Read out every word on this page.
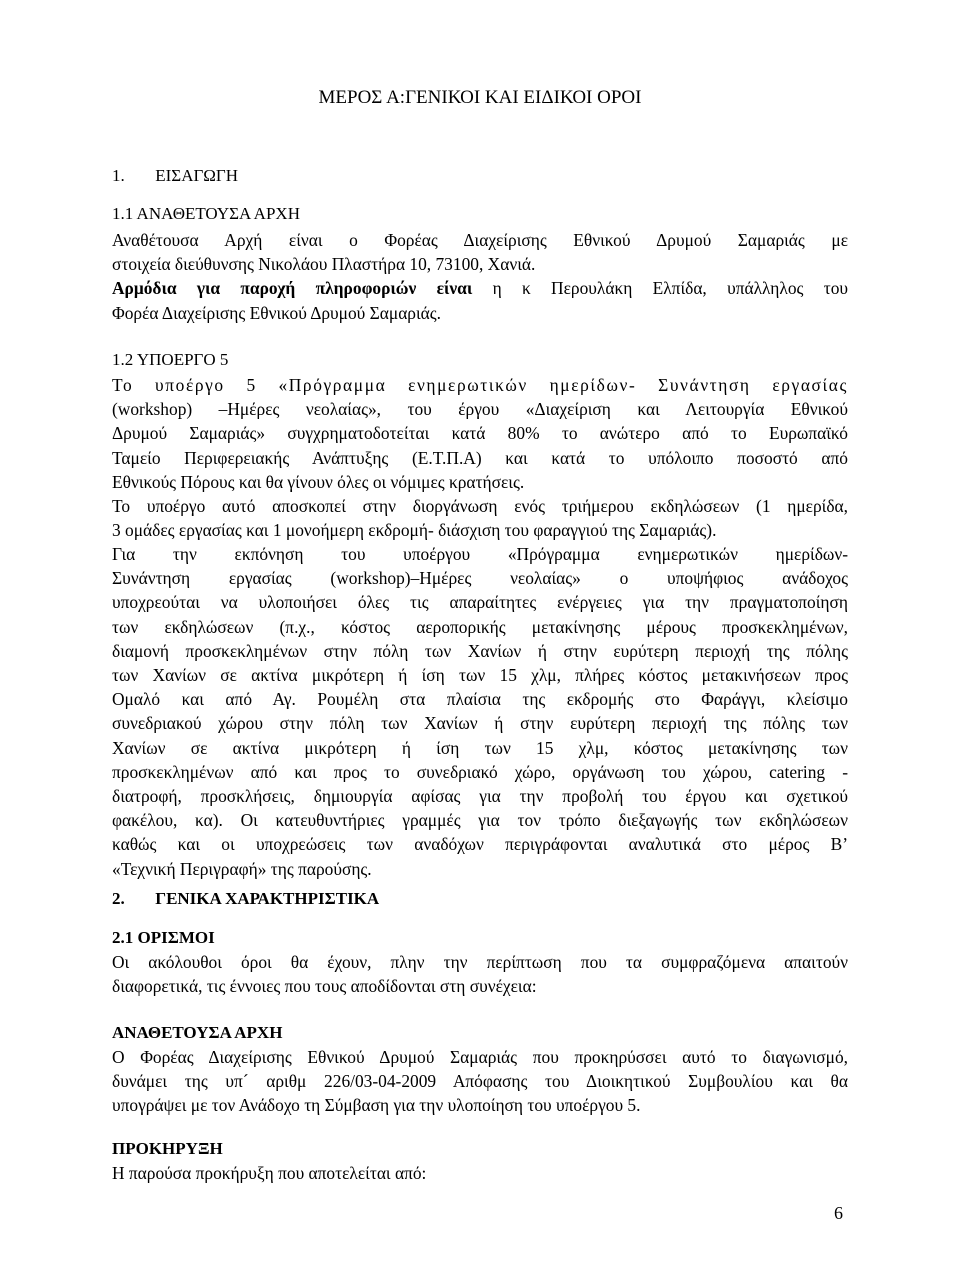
ΜΕΡΟΣ Α:ΓΕΝΙΚΟΙ ΚΑΙ ΕΙΔΙΚΟΙ ΟΡΟΙ
1. ΕΙΣΑΓΩΓΗ
1.1 ΑΝΑΘΕΤΟΥΣΑ ΑΡΧΗ
Αναθέτουσα Αρχή είναι ο Φορέας Διαχείρισης Εθνικού Δρυμού Σαμαριάς με
στοιχεία διεύθυνσης Νικολάου Πλαστήρα 10, 73100, Χανιά.
Αρμόδια για παροχή πληροφοριών είναι η κ Περουλάκη Ελπίδα, υπάλληλος του
Φορέα Διαχείρισης Εθνικού Δρυμού Σαμαριάς.
1.2 ΥΠΟΕΡΓΟ 5
Το υποέργο 5 «Πρόγραμμα ενημερωτικών ημερίδων- Συνάντηση εργασίας
(workshop) –Ημέρες νεολαίας», του έργου «Διαχείριση και Λειτουργία Εθνικού
Δρυμού Σαμαριάς» συγχρηματοδοτείται κατά 80% το ανώτερο από το Ευρωπαϊκό
Ταμείο Περιφερειακής Ανάπτυξης (Ε.Τ.Π.Α) και κατά το υπόλοιπο ποσοστό από
Εθνικούς Πόρους και θα γίνουν όλες οι νόμιμες κρατήσεις.
Το υποέργο αυτό αποσκοπεί στην διοργάνωση ενός τριήμερου εκδηλώσεων (1 ημερίδα,
3 ομάδες εργασίας και 1 μονοήμερη εκδρομή- διάσχιση του φαραγγιού της Σαμαριάς).
Για την εκπόνηση του υποέργου «Πρόγραμμα ενημερωτικών ημερίδων-
Συνάντηση εργασίας (workshop)–Ημέρες νεολαίας» ο υποψήφιος ανάδοχος
υποχρεούται να υλοποιήσει όλες τις απαραίτητες ενέργειες για την πραγματοποίηση
των εκδηλώσεων (π.χ., κόστος αεροπορικής μετακίνησης μέρους προσκεκλημένων,
διαμονή προσκεκλημένων στην πόλη των Χανίων ή στην ευρύτερη περιοχή της πόλης
των Χανίων σε ακτίνα μικρότερη ή ίση των 15 χλμ, πλήρες κόστος μετακινήσεων προς
Ομαλό και από Αγ. Ρουμέλη στα πλαίσια της εκδρομής στο Φαράγγι, κλείσιμο
συνεδριακού χώρου στην πόλη των Χανίων ή στην ευρύτερη περιοχή της πόλης των
Χανίων σε ακτίνα μικρότερη ή ίση των 15 χλμ, κόστος μετακίνησης των
προσκεκλημένων από και προς το συνεδριακό χώρο, οργάνωση του χώρου, catering -
διατροφή, προσκλήσεις, δημιουργία αφίσας για την προβολή του έργου και σχετικού
φακέλου, κα). Οι κατευθυντήριες γραμμές για τον τρόπο διεξαγωγής των εκδηλώσεων
καθώς και οι υποχρεώσεις των αναδόχων περιγράφονται αναλυτικά στο μέρος Β’
«Τεχνική Περιγραφή» της παρούσης.
2. ΓΕΝΙΚΑ ΧΑΡΑΚΤΗΡΙΣΤΙΚΑ
2.1 ΟΡΙΣΜΟΙ
Οι ακόλουθοι όροι θα έχουν, πλην την περίπτωση που τα συμφραζόμενα απαιτούν
διαφορετικά, τις έννοιες που τους αποδίδονται στη συνέχεια:
ΑΝΑΘΕΤΟΥΣΑ ΑΡΧΗ
Ο Φορέας Διαχείρισης Εθνικού Δρυμού Σαμαριάς που προκηρύσσει αυτό το διαγωνισμό,
δυνάμει της υπ´ αριθμ 226/03-04-2009 Απόφασης του Διοικητικού Συμβουλίου και θα
υπογράψει με τον Ανάδοχο τη Σύμβαση για την υλοποίηση του υποέργου 5.
ΠΡΟΚΗΡΥΞΗ
Η παρούσα προκήρυξη που αποτελείται από:
6
